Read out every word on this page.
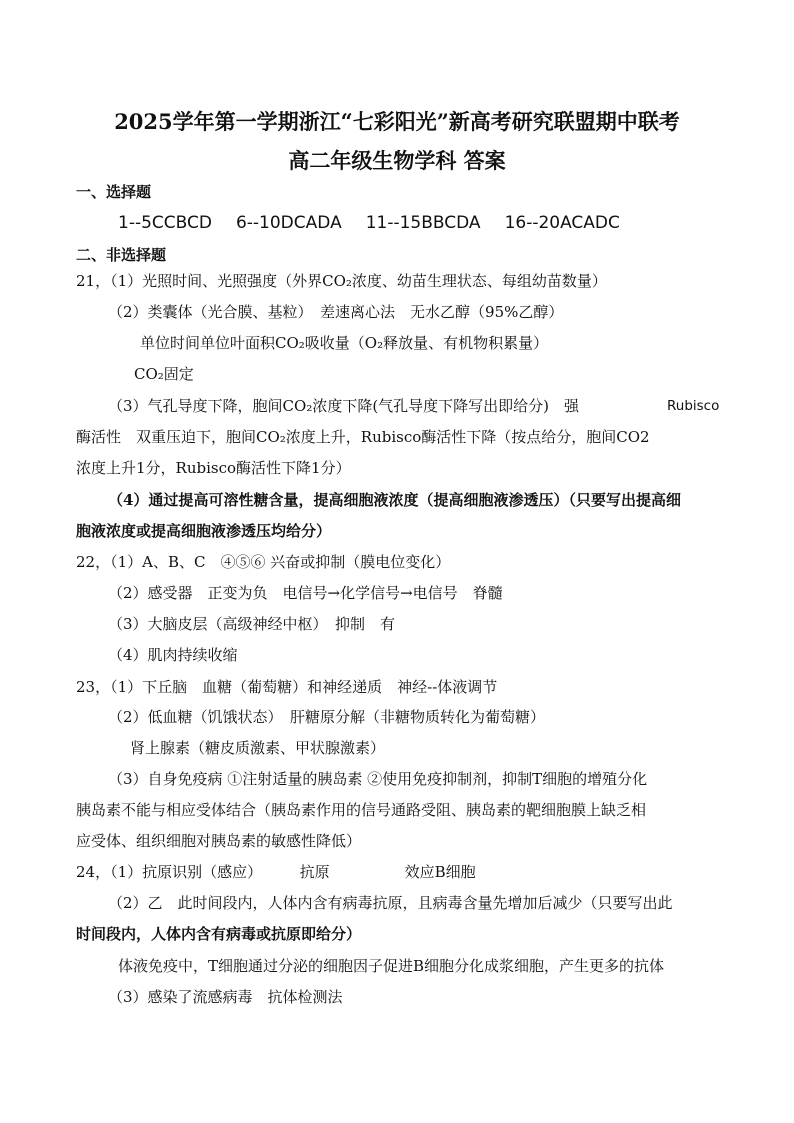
2025学年第一学期浙江“七彩阳光”新高考研究联盟期中联考
高二年级生物学科 答案
一、选择题
1--5CCBCD 6--10DCADA 11--15BBCDA 16--20ACADC
二、非选择题
21，（1）光照时间、光照强度（外界CO₂浓度、幼苗生理状态、每组幼苗数量）
（2）类囊体（光合膜、基粒）　差速离心法　无水乙醇（95%乙醇）
单位时间单位叶面积CO₂吸收量（O₂释放量、有机物积累量）
CO₂固定
（3）气孔导度下降，胞间CO₂浓度下降(气孔导度下降写出即给分)　强	Rubisco
酶活性　双重压迫下，胞间CO₂浓度上升，Rubisco酶活性下降（按点给分，胞间CO2
浓度上升1分，Rubisco酶活性下降1分）
（4）通过提高可溶性糖含量，提高细胞液浓度（提高细胞液渗透压）（只要写出提高细
胞液浓度或提高细胞液渗透压均给分）
22，（1）A、B、C　④⑤⑥ 兴奋或抑制（膜电位变化）
（2）感受器　正变为负　电信号→化学信号→电信号　脊髓
（3）大脑皮层（高级神经中枢）　抑制　有
（4）肌肉持续收缩
23，（1）下丘脑　血糖（葡萄糖）和神经递质　神经--体液调节
（2）低血糖（饥饿状态）　肝糖原分解（非糖物质转化为葡萄糖）
肾上腺素（糖皮质激素、甲状腺激素）
（3）自身免疫病 ①注射适量的胰岛素 ②使用免疫抑制剂，抑制T细胞的增殖分化
胰岛素不能与相应受体结合（胰岛素作用的信号通路受阻、胰岛素的靶细胞膜上缺乏相
应受体、组织细胞对胰岛素的敏感性降低）
24，（1）抗原识别（感应）　　　抗原　　　　　效应B细胞
（2）乙　此时间段内，人体内含有病毒抗原，且病毒含量先增加后减少（只要写出此
时间段内，人体内含有病毒或抗原即给分）
体液免疫中，T细胞通过分泌的细胞因子促进B细胞分化成浆细胞，产生更多的抗体
（3）感染了流感病毒　抗体检测法
